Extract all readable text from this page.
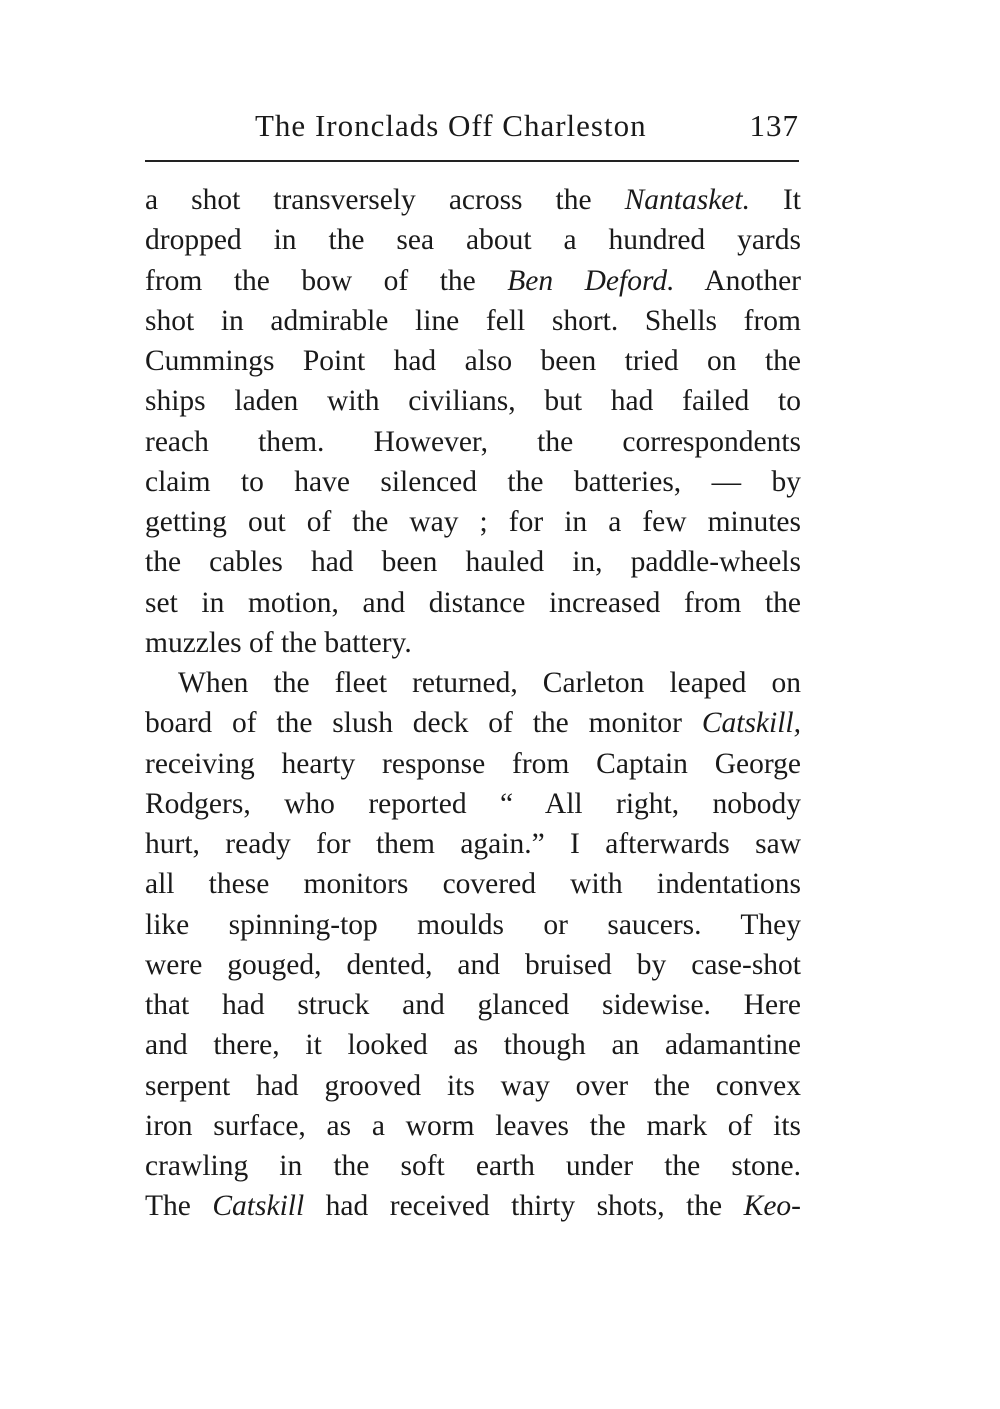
The Ironclads Off Charleston	137
a shot transversely across the Nantasket. It
dropped in the sea about a hundred yards
from the bow of the Ben Deford. Another
shot in admirable line fell short. Shells from
Cummings Point had also been tried on the
ships laden with civilians, but had failed to
reach them. However, the correspondents
claim to have silenced the batteries, — by
getting out of the way ; for in a few minutes
the cables had been hauled in, paddle-wheels
set in motion, and distance increased from the
muzzles of the battery.
When the fleet returned, Carleton leaped on
board of the slush deck of the monitor Catskill,
receiving hearty response from Captain George
Rodgers, who reported “ All right, nobody
hurt, ready for them again.” I afterwards saw
all these monitors covered with indentations
like spinning-top moulds or saucers. They
were gouged, dented, and bruised by case-shot
that had struck and glanced sidewise. Here
and there, it looked as though an adamantine
serpent had grooved its way over the convex
iron surface, as a worm leaves the mark of its
crawling in the soft earth under the stone.
The Catskill had received thirty shots, the Keo-
